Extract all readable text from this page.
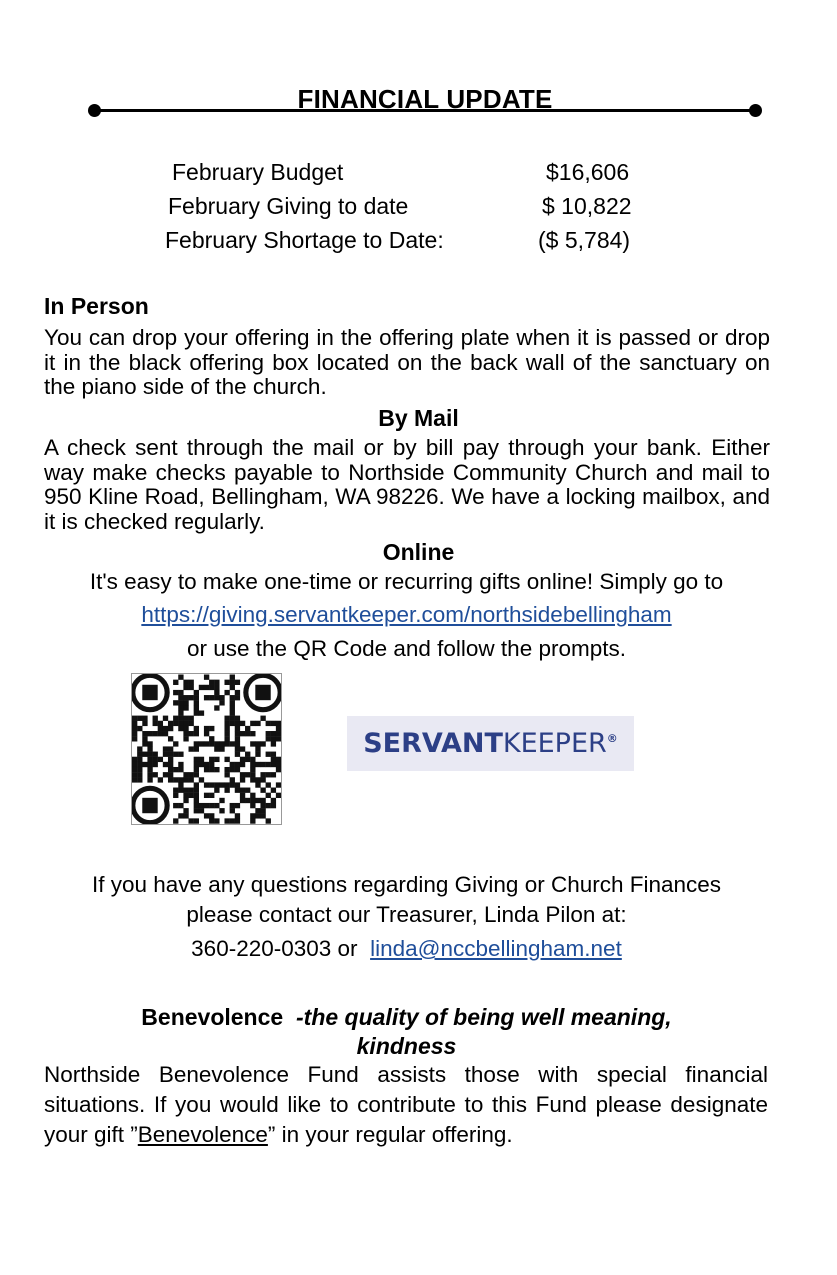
FINANCIAL UPDATE
February Budget	$16,606
February Giving to date	$ 10,822
February Shortage to Date:	($ 5,784)
In Person
You can drop your offering in the offering plate when it is passed or drop it in the black offering box located on the back wall of the sanctuary on the piano side of the church.
By Mail
A check sent through the mail or by bill pay through your bank. Either way make checks payable to Northside Community Church and mail to 950 Kline Road, Bellingham, WA 98226. We have a locking mailbox, and it is checked regularly.
Online
It's easy to make one-time or recurring gifts online! Simply go to
https://giving.servantkeeper.com/northsidebellingham
or use the QR Code and follow the prompts.
SERVANTKEEPER®
If you have any questions regarding Giving or Church Finances
please contact our Treasurer, Linda Pilon at:
360-220-0303 or linda@nccbellingham.net
Benevolence -the quality of being well meaning,
kindness
Northside Benevolence Fund assists those with special financial situations. If you would like to contribute to this Fund please designate your gift ”Benevolence” in your regular offering.
